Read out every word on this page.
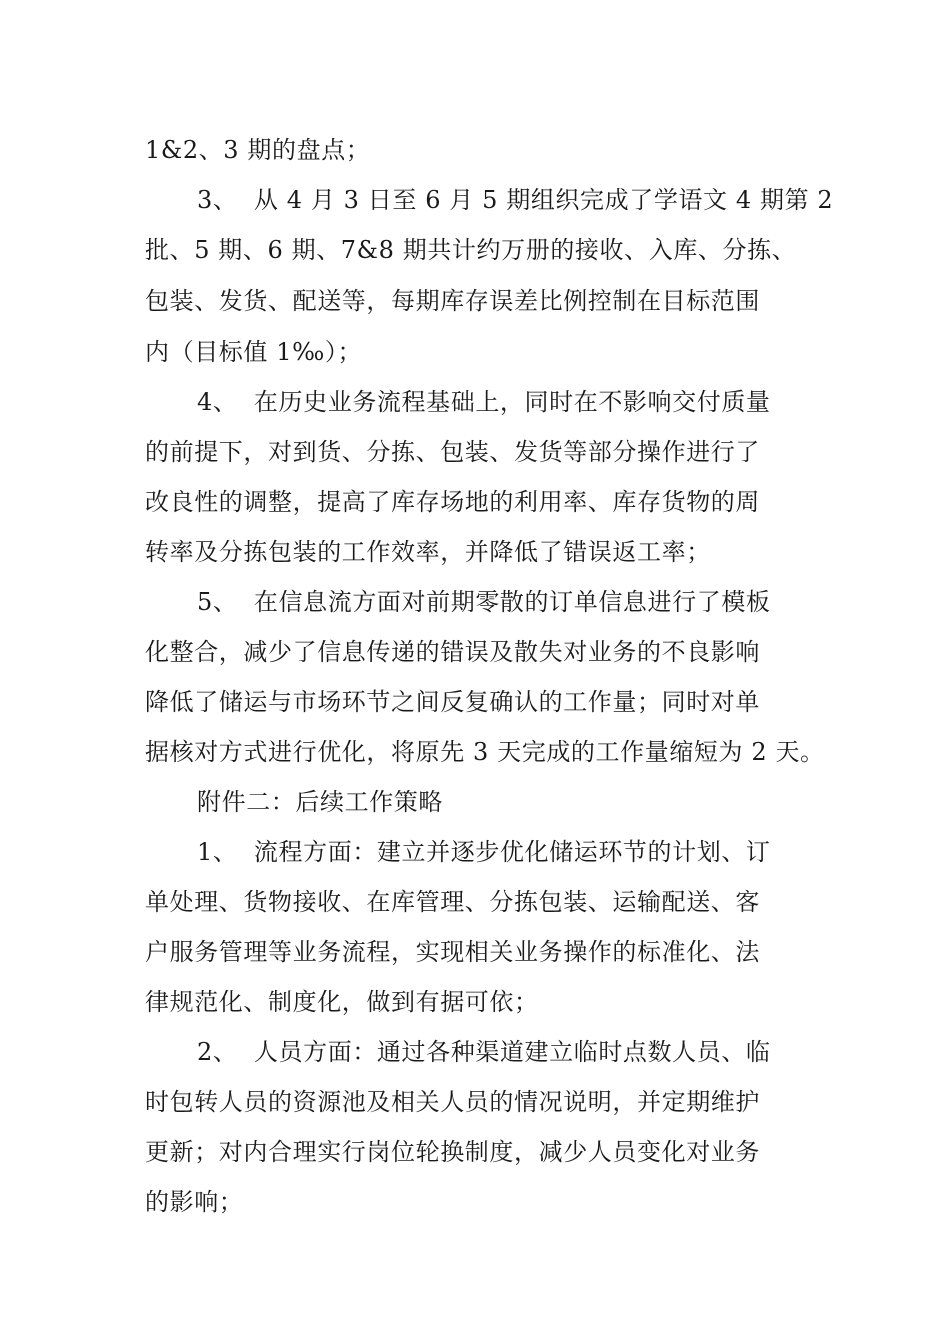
1&2、3 期的盘点；
3、  从 4 月 3 日至 6 月 5 期组织完成了学语文 4 期第 2
批、5 期、6 期、7&8 期共计约万册的接收、入库、分拣、
包装、发货、配送等，每期库存误差比例控制在目标范围
内（目标值 1‰）；
4、  在历史业务流程基础上，同时在不影响交付质量
的前提下，对到货、分拣、包装、发货等部分操作进行了
改良性的调整，提高了库存场地的利用率、库存货物的周
转率及分拣包装的工作效率，并降低了错误返工率；
5、  在信息流方面对前期零散的订单信息进行了模板
化整合，减少了信息传递的错误及散失对业务的不良影响
降低了储运与市场环节之间反复确认的工作量；同时对单
据核对方式进行优化，将原先 3 天完成的工作量缩短为 2 天。
附件二：后续工作策略
1、  流程方面：建立并逐步优化储运环节的计划、订
单处理、货物接收、在库管理、分拣包装、运输配送、客
户服务管理等业务流程，实现相关业务操作的标准化、法
律规范化、制度化，做到有据可依；
2、  人员方面：通过各种渠道建立临时点数人员、临
时包转人员的资源池及相关人员的情况说明，并定期维护
更新；对内合理实行岗位轮换制度，减少人员变化对业务
的影响；
